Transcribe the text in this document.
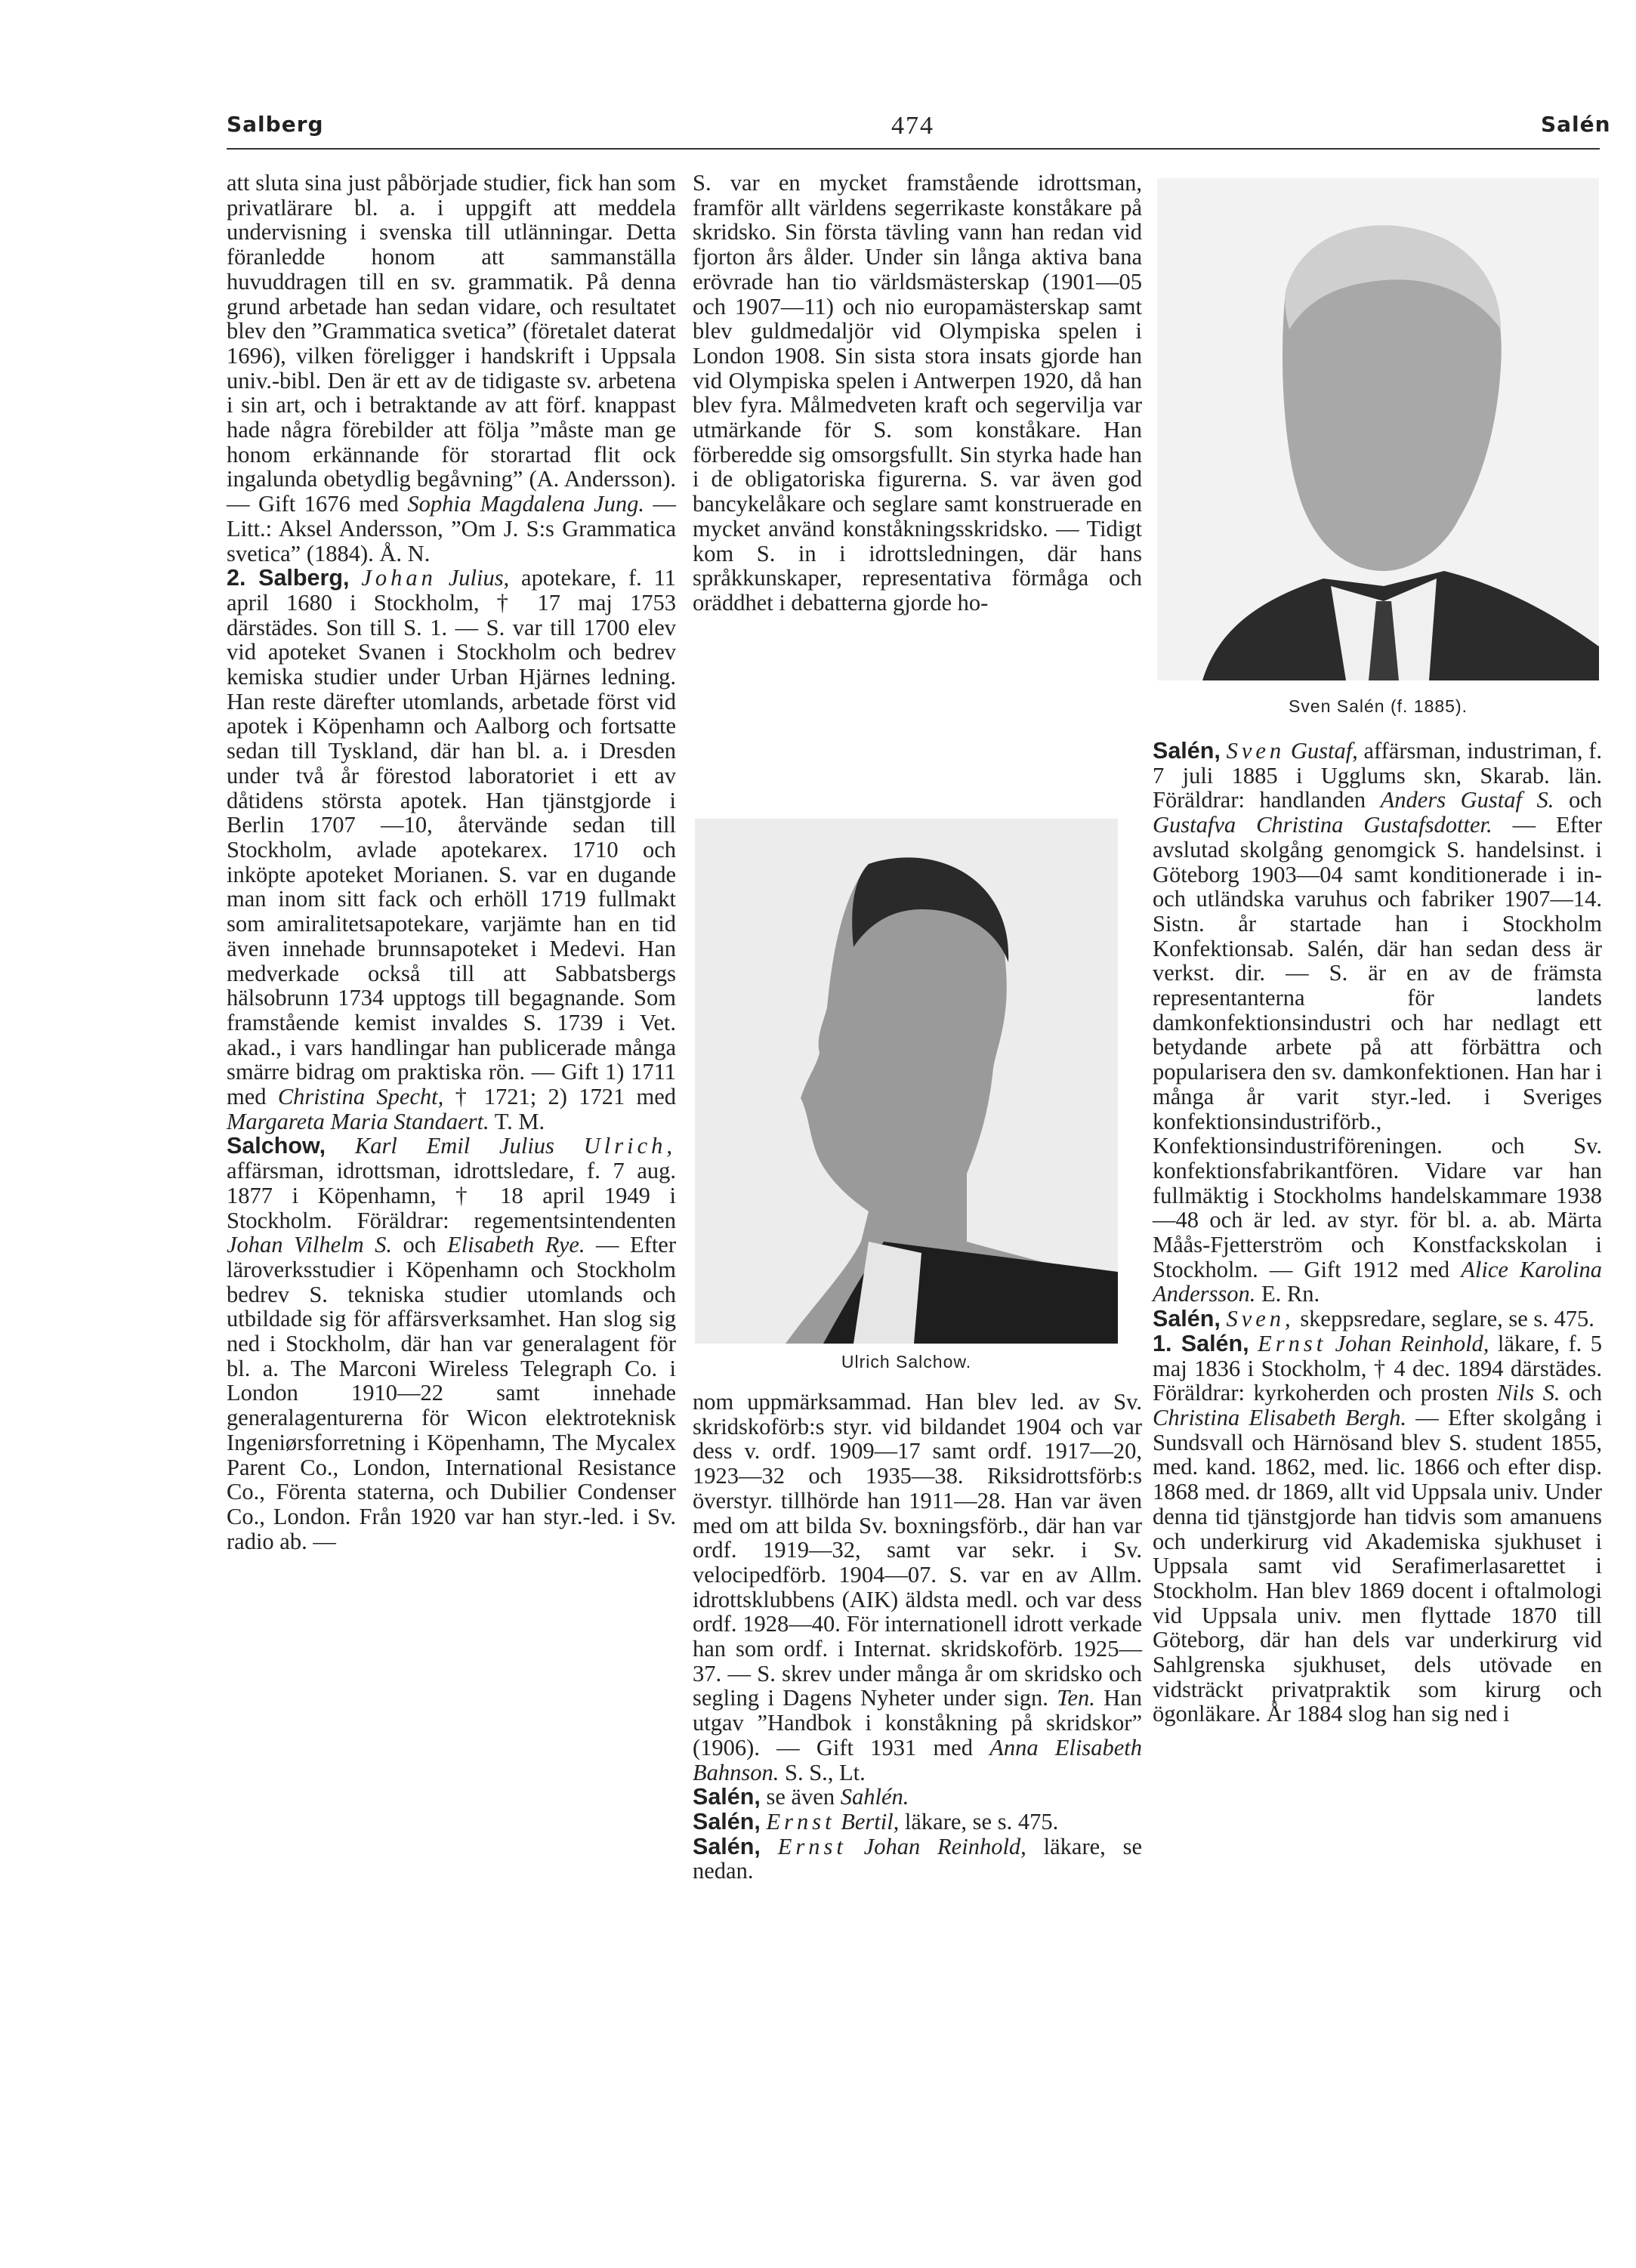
Salberg	474	Salén

att sluta sina just påbörjade studier, fick han som privatlärare bl. a. i uppgift att meddela undervisning i svenska till utlänningar. Detta föranledde honom att sammanställa huvuddragen till en sv. grammatik. På denna grund arbetade han sedan vidare, och resultatet blev den ”Grammatica svetica” (företalet daterat 1696), vilken föreligger i handskrift i Uppsala univ.-bibl. Den är ett av de tidigaste sv. arbetena i sin art, och i betraktande av att förf. knappast hade några förebilder att följa ”måste man ge honom erkännande för storartad flit ock ingalunda obetydlig begåvning” (A. Andersson). — Gift 1676 med Sophia Magdalena Jung. — Litt.: Aksel Andersson, ”Om J. S:s Grammatica svetica” (1884). Å. N.

2. Salberg, Johan Julius, apotekare, f. 11 april 1680 i Stockholm, † 17 maj 1753 därstädes. Son till S. 1. — S. var till 1700 elev vid apoteket Svanen i Stockholm och bedrev kemiska studier under Urban Hjärnes ledning. Han reste därefter utomlands, arbetade först vid apotek i Köpenhamn och Aalborg och fortsatte sedan till Tyskland, där han bl. a. i Dresden under två år förestod laboratoriet i ett av dåtidens största apotek. Han tjänstgjorde i Berlin 1707 —10, återvände sedan till Stockholm, avlade apotekarex. 1710 och inköpte apoteket Morianen. S. var en dugande man inom sitt fack och erhöll 1719 fullmakt som amiralitetsapotekare, varjämte han en tid även innehade brunnsapoteket i Medevi. Han medverkade också till att Sabbatsbergs hälsobrunn 1734 upptogs till begagnande. Som framstående kemist invaldes S. 1739 i Vet. akad., i vars handlingar han publicerade många smärre bidrag om praktiska rön. — Gift 1) 1711 med Christina Specht, † 1721; 2) 1721 med Margareta Maria Standaert. T. M.

Salchow, Karl Emil Julius Ulrich, affärsman, idrottsman, idrottsledare, f. 7 aug. 1877 i Köpenhamn, † 18 april 1949 i Stockholm. Föräldrar: regementsintendenten Johan Vilhelm S. och Elisabeth Rye. — Efter läroverksstudier i Köpenhamn och Stockholm bedrev S. tekniska studier utomlands och utbildade sig för affärsverksamhet. Han slog sig ned i Stockholm, där han var generalagent för bl. a. The Marconi Wireless Telegraph Co. i London 1910—22 samt innehade generalagenturerna för Wicon elektroteknisk Ingeniørsforretning i Köpenhamn, The Mycalex Parent Co., London, International Resistance Co., Förenta staterna, och Dubilier Condenser Co., London. Från 1920 var han styr.-led. i Sv. radio ab. —

S. var en mycket framstående idrottsman, framför allt världens segerrikaste konståkare på skridsko. Sin första tävling vann han redan vid fjorton års ålder. Under sin långa aktiva bana erövrade han tio världsmästerskap (1901—05 och 1907—11) och nio europamästerskap samt blev guldmedaljör vid Olympiska spelen i London 1908. Sin sista stora insats gjorde han vid Olympiska spelen i Antwerpen 1920, då han blev fyra. Målmedveten kraft och segervilja var utmärkande för S. som konståkare. Han förberedde sig omsorgsfullt. Sin styrka hade han i de obligatoriska figurerna. S. var även god bancykelåkare och seglare samt konstruerade en mycket använd konståkningsskridsko. — Tidigt kom S. in i idrottsledningen, där hans språkkunskaper, representativa förmåga och oräddhet i debatterna gjorde ho-

Ulrich Salchow.

nom uppmärksammad. Han blev led. av Sv. skridskoförb:s styr. vid bildandet 1904 och var dess v. ordf. 1909—17 samt ordf. 1917—20, 1923—32 och 1935—38. Riksidrottsförb:s överstyr. tillhörde han 1911—28. Han var även med om att bilda Sv. boxningsförb., där han var ordf. 1919—32, samt var sekr. i Sv. velocipedförb. 1904—07. S. var en av Allm. idrottsklubbens (AIK) äldsta medl. och var dess ordf. 1928—40. För internationell idrott verkade han som ordf. i Internat. skridskoförb. 1925—37. — S. skrev under många år om skridsko och segling i Dagens Nyheter under sign. Ten. Han utgav ”Handbok i konståkning på skridskor” (1906). — Gift 1931 med Anna Elisabeth Bahnson. S. S., Lt.

Salén, se även Sahlén.

Salén, Ernst Bertil, läkare, se s. 475.

Salén, Ernst Johan Reinhold, läkare, se nedan.

Sven Salén (f. 1885).

Salén, Sven Gustaf, affärsman, industriman, f. 7 juli 1885 i Ugglums skn, Skarab. län. Föräldrar: handlanden Anders Gustaf S. och Gustafva Christina Gustafsdotter. — Efter avslutad skolgång genomgick S. handelsinst. i Göteborg 1903—04 samt konditionerade i in- och utländska varuhus och fabriker 1907—14. Sistn. år startade han i Stockholm Konfektionsab. Salén, där han sedan dess är verkst. dir. — S. är en av de främsta representanterna för landets damkonfektionsindustri och har nedlagt ett betydande arbete på att förbättra och popularisera den sv. damkonfektionen. Han har i många år varit styr.-led. i Sveriges konfektionsindustriförb., Konfektionsindustriföreningen. och Sv. konfektionsfabrikantfören. Vidare var han fullmäktig i Stockholms handelskammare 1938—48 och är led. av styr. för bl. a. ab. Märta Måås-Fjetterström och Konstfackskolan i Stockholm. — Gift 1912 med Alice Karolina Andersson. E. Rn.

Salén, Sven, skeppsredare, seglare, se s. 475.

1. Salén, Ernst Johan Reinhold, läkare, f. 5 maj 1836 i Stockholm, † 4 dec. 1894 därstädes. Föräldrar: kyrkoherden och prosten Nils S. och Christina Elisabeth Bergh. — Efter skolgång i Sundsvall och Härnösand blev S. student 1855, med. kand. 1862, med. lic. 1866 och efter disp. 1868 med. dr 1869, allt vid Uppsala univ. Under denna tid tjänstgjorde han tidvis som amanuens och underkirurg vid Akademiska sjukhuset i Uppsala samt vid Serafimerlasarettet i Stockholm. Han blev 1869 docent i oftalmologi vid Uppsala univ. men flyttade 1870 till Göteborg, där han dels var underkirurg vid Sahlgrenska sjukhuset, dels utövade en vidsträckt privatpraktik som kirurg och ögonläkare. År 1884 slog han sig ned i
